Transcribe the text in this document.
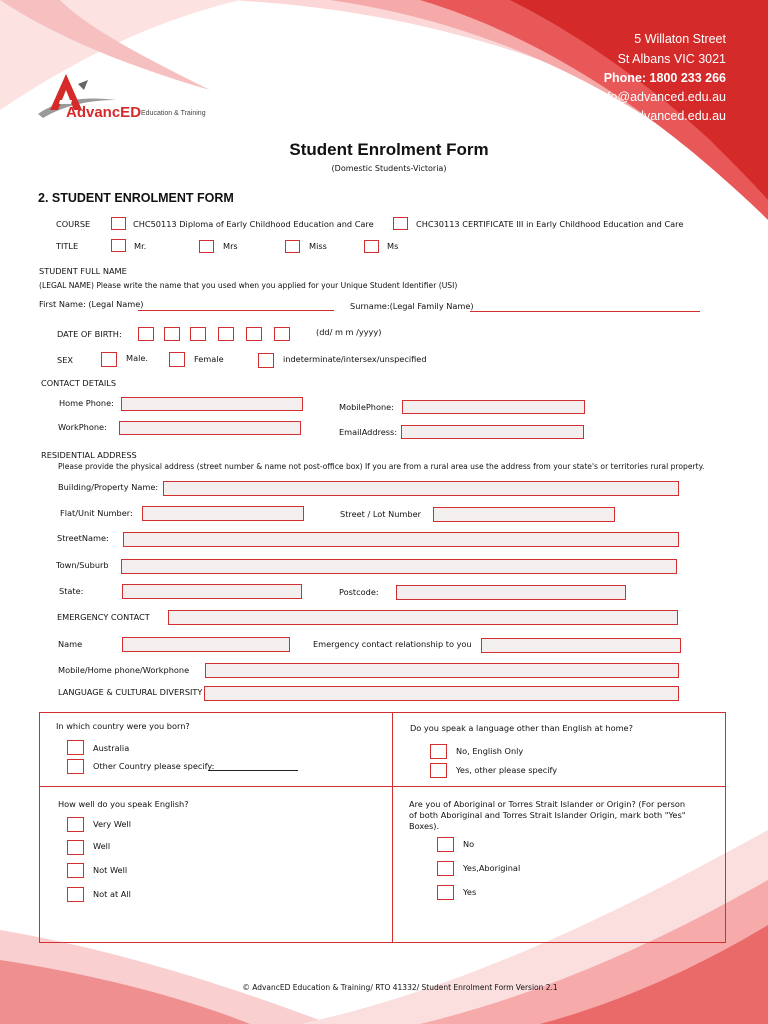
5 Willaton Street
St Albans VIC 3021
Phone: 1800 233 266
Email: info@advanced.edu.au
Web: www.advanced.edu.au
AdvancED Education & Training
Student Enrolment Form
(Domestic Students-Victoria)
2. STUDENT ENROLMENT FORM
COURSE	CHC50113 Diploma of Early Childhood Education and Care	CHC30113 CERTIFICATE III in Early Childhood Education and Care
TITLE	Mr.	Mrs	Miss	Ms
STUDENT FULL NAME
(LEGAL NAME) Please write the name that you used when you applied for your Unique Student Identifier (USI)
First Name: (Legal Name)	Surname:(Legal Family Name)
DATE OF BIRTH:	(dd/ m m /yyyy)
SEX	Male.	Female	indeterminate/intersex/unspecified
CONTACT DETAILS
Home Phone:	MobilePhone:
WorkPhone:	EmailAddress:
RESIDENTIAL ADDRESS
Please provide the physical address (street number & name not post-office box) If you are from a rural area use the address from your state's or territories rural property.
Building/Property Name:
Flat/Unit Number:	Street / Lot Number
StreetName:
Town/Suburb
State:	Postcode:
EMERGENCY CONTACT
Name	Emergency contact relationship to you
Mobile/Home phone/Workphone
LANGUAGE & CULTURAL DIVERSITY
In which country were you born?
Australia
Other Country please specify:
Do you speak a language other than English at home?
No, English Only
Yes, other please specify
How well do you speak English?
Very Well
Well
Not Well
Not at All
Are you of Aboriginal or Torres Strait Islander or Origin? (For person
of both Aboriginal and Torres Strait Islander Origin, mark both "Yes"
Boxes).
No
Yes,Aboriginal
Yes
© AdvancED Education & Training/ RTO 41332/ Student Enrolment Form Version 2.1
